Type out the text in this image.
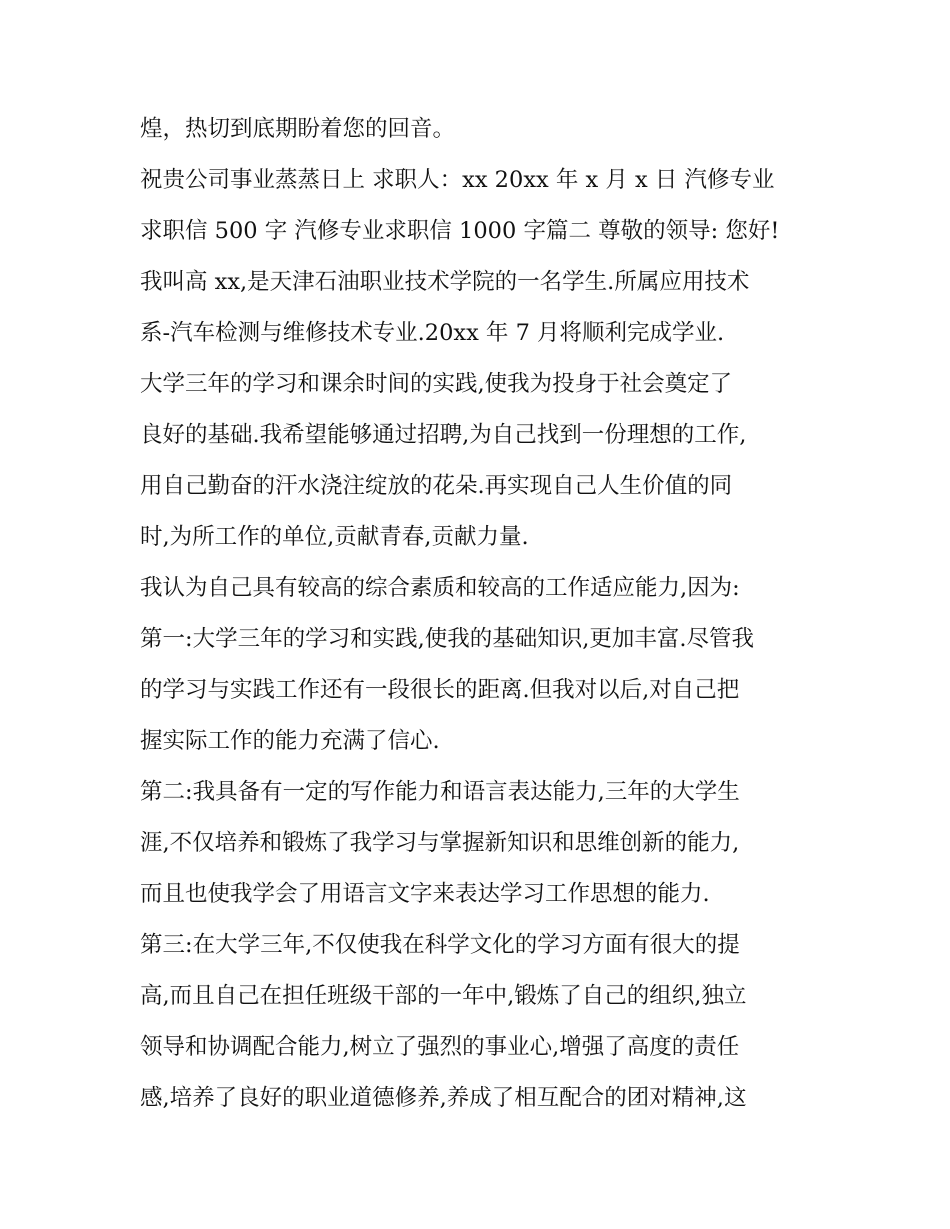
煌，热切到底期盼着您的回音。
祝贵公司事业蒸蒸日上 求职人：xx 20xx 年 x 月 x 日 汽修专业
求职信 500 字 汽修专业求职信 1000 字篇二 尊敬的领导: 您好!
我叫高 xx,是天津石油职业技术学院的一名学生.所属应用技术
系-汽车检测与维修技术专业.20xx 年 7 月将顺利完成学业.
大学三年的学习和课余时间的实践,使我为投身于社会奠定了
良好的基础.我希望能够通过招聘,为自己找到一份理想的工作,
用自己勤奋的汗水浇注绽放的花朵.再实现自己人生价值的同
时,为所工作的单位,贡献青春,贡献力量.
我认为自己具有较高的综合素质和较高的工作适应能力,因为:
第一:大学三年的学习和实践,使我的基础知识,更加丰富.尽管我
的学习与实践工作还有一段很长的距离.但我对以后,对自己把
握实际工作的能力充满了信心.
第二:我具备有一定的写作能力和语言表达能力,三年的大学生
涯,不仅培养和锻炼了我学习与掌握新知识和思维创新的能力,
而且也使我学会了用语言文字来表达学习工作思想的能力.
第三:在大学三年,不仅使我在科学文化的学习方面有很大的提
高,而且自己在担任班级干部的一年中,锻炼了自己的组织,独立
领导和协调配合能力,树立了强烈的事业心,增强了高度的责任
感,培养了良好的职业道德修养,养成了相互配合的团对精神,这
